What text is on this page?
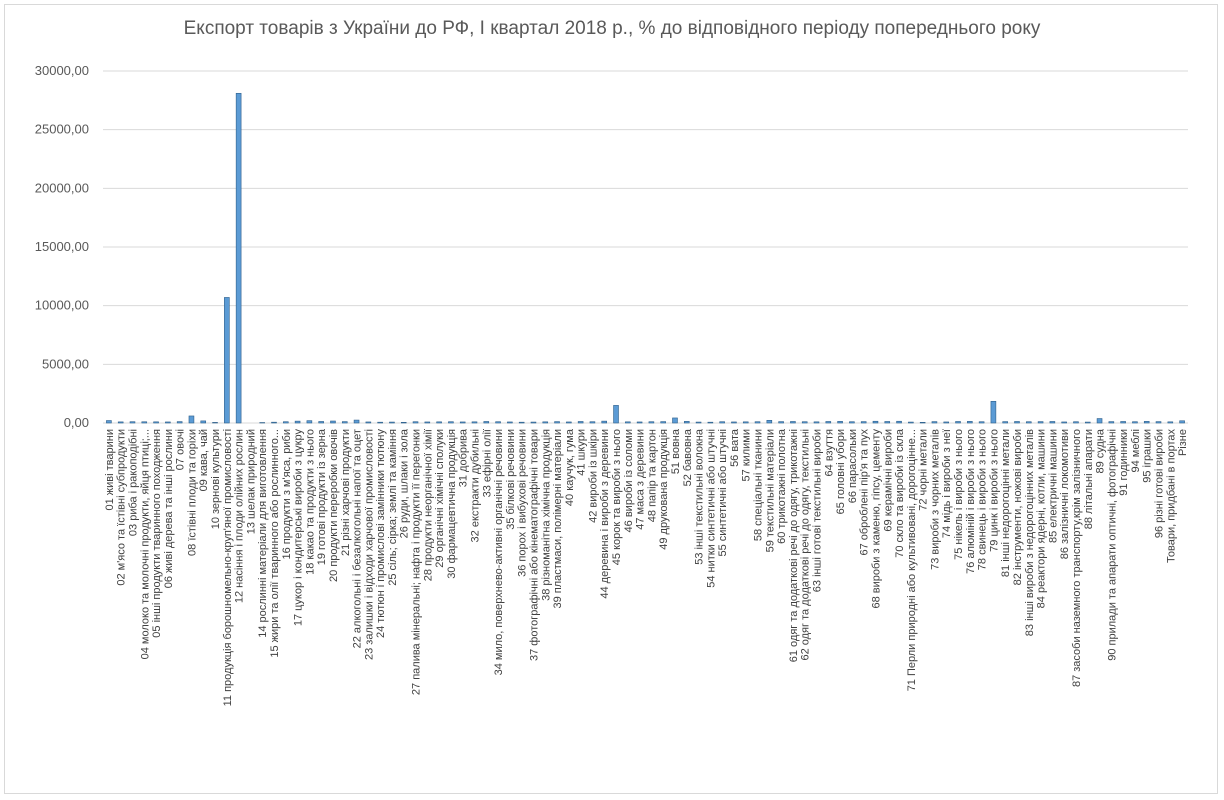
Експорт товарів з України до РФ, І квартал 2018 р., % до відповідного періоду попереднього року
0,00
5000,00
10000,00
15000,00
20000,00
25000,00
30000,00
01 живі тварини 02 м'ясо та їстівні субпродукти 03 риба і ракоподібні 04 молоко та молочні продукти, яйця птиці;... 05 інші продукти тваринного походження 06 живі дерева та інші рослини 07 овочі 08 їстівні плоди та горіхи 09 кава, чай 10 зернові культури 11 продукція борошномельно-круп'яної промисловості 12 насіння і плоди олійних рослин 13 шелак природний 14 рослинні матеріали для виготовлення 15 жири та олії тваринного або рослинного... 16 продукти з м'яса, риби 17 цукор і кондитерські вироби з цукру 18 какао та продукти з нього 19 готові продукти із зерна 20 продукти переробки овочів 21 різні харчові продукти 22 алкогольні і безалкогольні напої та оцет 23 залишки і відходи харчової промисловості 24 тютюн і промислові замінники тютюну 25 сіль; сірка; землі та каміння 26 руди, шлаки і зола 27 палива мінеральні; нафта і продукти її перегонки 28 продукти неорганічної хімії 29 органічні хімічні сполуки 30 фармацевтична продукція 31 добрива 32 екстракти дубильні 33 ефірні олії 34 мило, поверхнево-активні органічні речовини 35 білкові речовини 36 порох і вибухові речовини 37 фотографічні або кінематографічні товари 38 різноманітна хімічна продукція 39 пластмаси, полімерні матеріали 40 каучук, гума 41 шкури 42 вироби із шкіри 44 деревина і вироби з деревини 45 корок та вироби з нього 46 вироби із соломи 47 маса з деревини 48 папір та картон 49 друкована продукція 51 вовна 52 бавовна 53 інші текстильні волокна 54 нитки синтетичні або штучні 55 синтетичні або штучні 56 вата 57 килими 58 спеціальні тканини 59 текстильні матеріали 60 трикотажні полотна 61 одяг та додаткові речі до одягу, трикотажні 62 одяг та додаткові речі до одягу, текстильні 63 інші готові текстильні вироби 64 взуття 65 головні убори 66 парасольки 67 оброблені пір'я та пух 68 вироби з каменю, гіпсу, цементу 69 керамічні вироби 70 скло та вироби із скла 71 Перли природні або культивовані, дорогоцінне... 72 чорні метали 73 вироби з чорних металів 74 мідь і вироби з неї 75 нікель і вироби з нього 76 алюміній і вироби з нього 78 свинець і вироби з нього 79 цинк і вироби з нього 81 інші недорогоцінні метали 82 інструменти, ножові вироби 83 інші вироби з недорогоцінних металів 84 реактори ядерні, котли, машини 85 електричні машини 86 залізничні локомотиви 87 засоби наземного транспорту,крім залізничного 88 літальні апарати 89 судна 90 прилади та апарати оптичні, фотографічні 91 годинники 94 меблі 95 іграшки 96 різні готові вироби Товари, придбані в портах Різне
